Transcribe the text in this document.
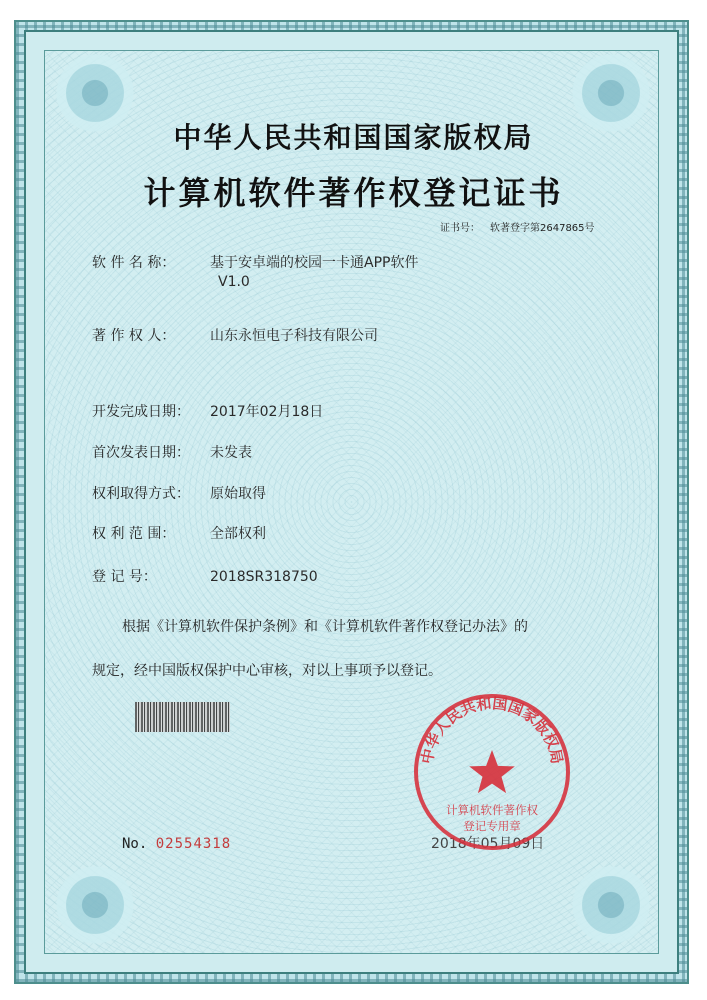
中华人民共和国国家版权局
计算机软件著作权登记证书
证书号： 软著登字第2647865号
软 件 名 称： 基于安卓端的校园一卡通APP软件
V1.0
著 作 权 人： 山东永恒电子科技有限公司
开发完成日期： 2017年02月18日
首次发表日期： 未发表
权利取得方式： 原始取得
权 利 范 围： 全部权利
登 记 号：	2018SR318750
根据《计算机软件保护条例》和《计算机软件著作权登记办法》的
规定，经中国版权保护中心审核，对以上事项予以登记。
No. 02554318	2018年05月09日
中华人民共和国国家版权局
计算机软件著作权
登记专用章
